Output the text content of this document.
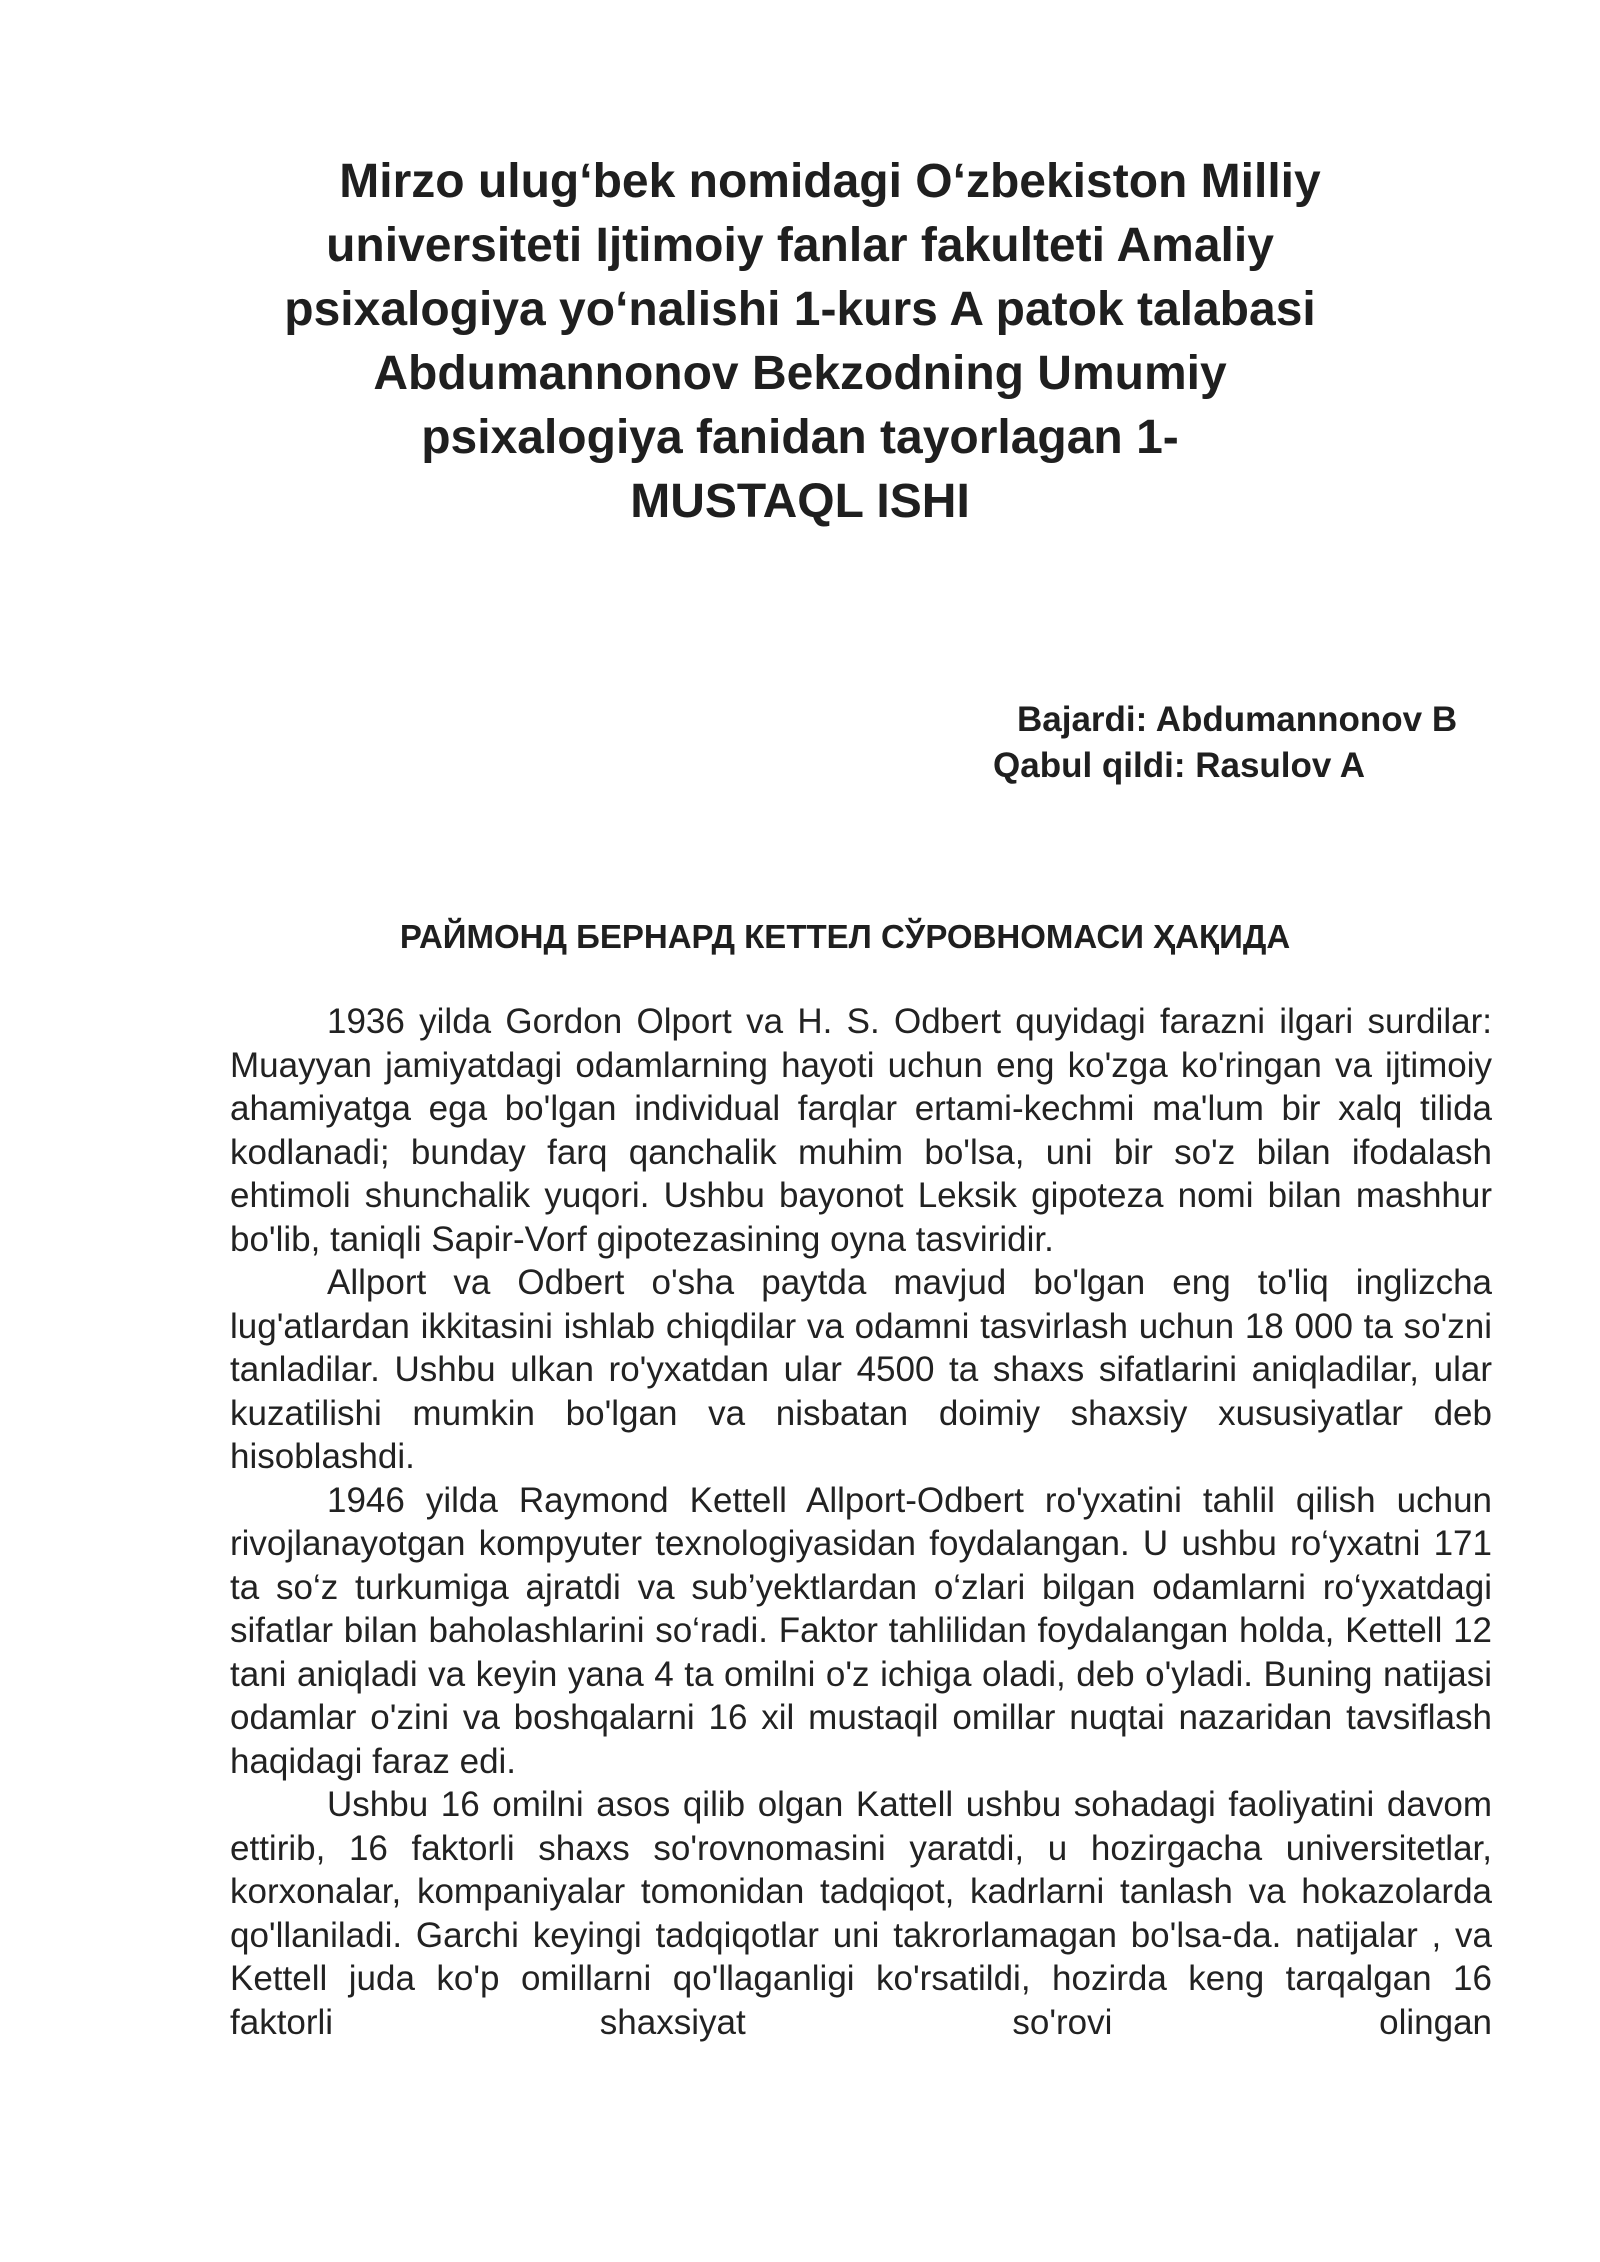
Mirzo ulug‘bek nomidagi O‘zbekiston Milliy
universiteti Ijtimoiy fanlar fakulteti Amaliy
psixalogiya yo‘nalishi 1-kurs A patok talabasi
Abdumannonov Bekzodning Umumiy
psixalogiya fanidan tayorlagan 1-
MUSTAQL ISHI
Bajardi: Abdumannonov B
Qabul qildi: Rasulov A
РАЙМОНД БЕРНАРД КЕТТЕЛ СЎРОВНОМАСИ ҲАҚИДА

1936 yilda Gordon Olport va H. S. Odbert quyidagi farazni ilgari surdilar: Muayyan jamiyatdagi odamlarning hayoti uchun eng ko'zga ko'ringan va ijtimoiy ahamiyatga ega bo'lgan individual farqlar ertami-kechmi ma'lum bir xalq tilida kodlanadi; bunday farq qanchalik muhim bo'lsa, uni bir so'z bilan ifodalash ehtimoli shunchalik yuqori. Ushbu bayonot Leksik gipoteza nomi bilan mashhur bo'lib, taniqli Sapir-Vorf gipotezasining oyna tasviridir.

Allport va Odbert o'sha paytda mavjud bo'lgan eng to'liq inglizcha lug'atlardan ikkitasini ishlab chiqdilar va odamni tasvirlash uchun 18 000 ta so'zni tanladilar. Ushbu ulkan ro'yxatdan ular 4500 ta shaxs sifatlarini aniqladilar, ular kuzatilishi mumkin bo'lgan va nisbatan doimiy shaxsiy xususiyatlar deb hisoblashdi.

1946 yilda Raymond Kettell Allport-Odbert ro'yxatini tahlil qilish uchun rivojlanayotgan kompyuter texnologiyasidan foydalangan. U ushbu ro‘yxatni 171 ta so‘z turkumiga ajratdi va sub’yektlardan o‘zlari bilgan odamlarni ro‘yxatdagi sifatlar bilan baholashlarini so‘radi. Faktor tahlilidan foydalangan holda, Kettell 12 tani aniqladi va keyin yana 4 ta omilni o'z ichiga oladi, deb o'yladi. Buning natijasi odamlar o'zini va boshqalarni 16 xil mustaqil omillar nuqtai nazaridan tavsiflash haqidagi faraz edi.

Ushbu 16 omilni asos qilib olgan Kattell ushbu sohadagi faoliyatini davom ettirib, 16 faktorli shaxs so'rovnomasini yaratdi, u hozirgacha universitetlar, korxonalar, kompaniyalar tomonidan tadqiqot, kadrlarni tanlash va hokazolarda qo'llaniladi. Garchi keyingi tadqiqotlar uni takrorlamagan bo'lsa-da. natijalar , va Kettell juda ko'p omillarni qo'llaganligi ko'rsatildi, hozirda keng tarqalgan 16 faktorli shaxsiyat so'rovi olingan
